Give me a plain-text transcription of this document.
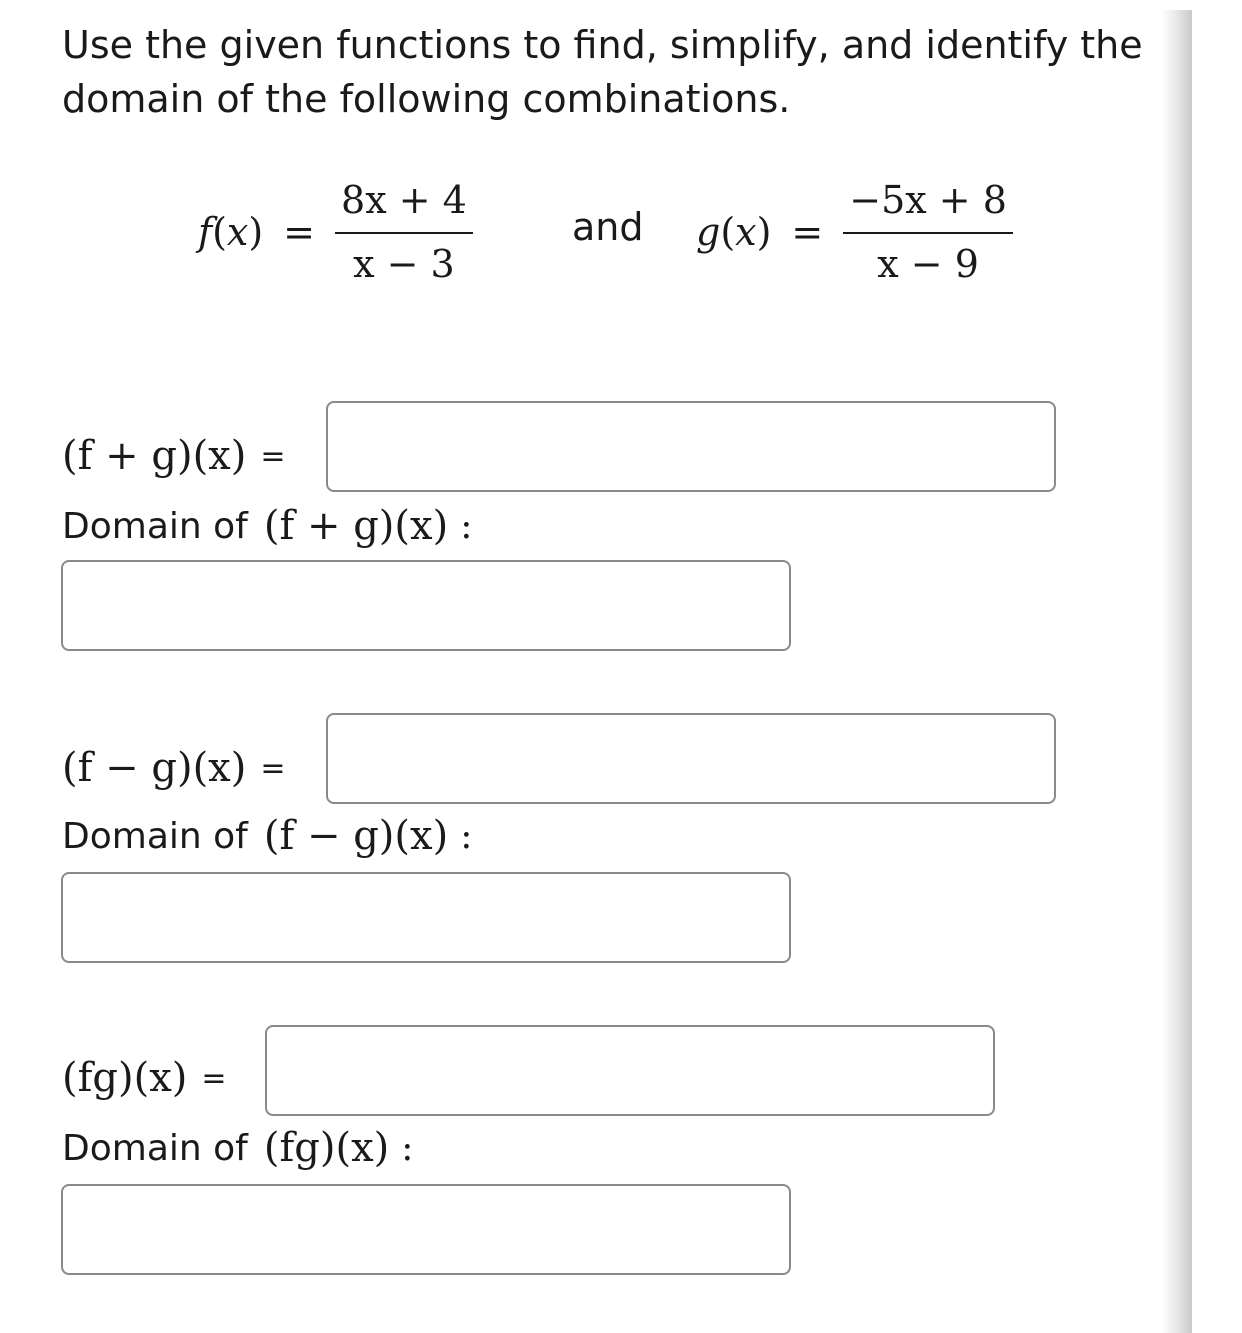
Use the given functions to find, simplify, and identify the domain of the following combinations.
$f(x) = \frac{8x + 4}{x - 3}$	and $g(x) = \frac{-5x + 8}{x - 9}$
(f + g)(x) =
Domain of (f + g)(x) :
(f − g)(x) =
Domain of (f − g)(x) :
(fg)(x) =
Domain of (fg)(x) :
